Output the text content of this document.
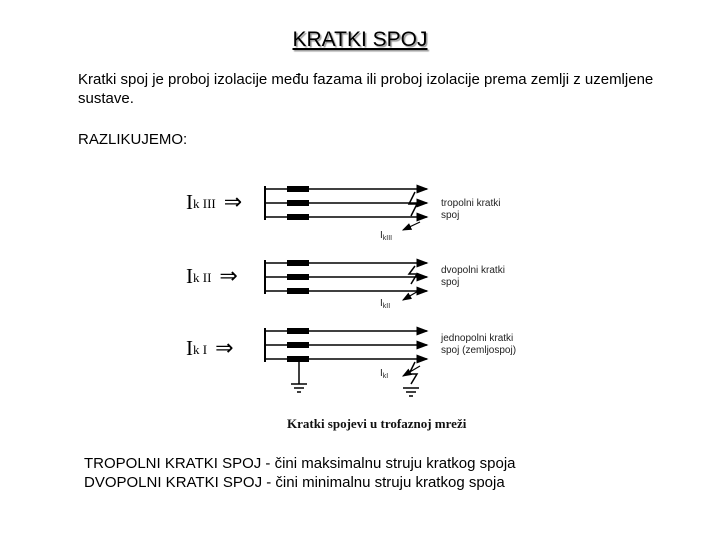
KRATKI SPOJ
Kratki spoj je proboj izolacije među fazama ili proboj izolacije prema zemlji z uzemljene sustave.
RAZLIKUJEMO:
$I_{k III}$ ⇒
$I_{k II}$ ⇒
$I_{k I}$ ⇒
$I_{kIII}$
tropolni kratki
spoj
$I_{kII}$
dvopolni kratki
spoj
$I_{kI}$
jednopolni kratki
spoj (zemljospoj)
Kratki spojevi u trofaznoj mreži
TROPOLNI KRATKI SPOJ - čini maksimalnu struju kratkog spoja
DVOPOLNI KRATKI SPOJ - čini minimalnu struju kratkog spoja
